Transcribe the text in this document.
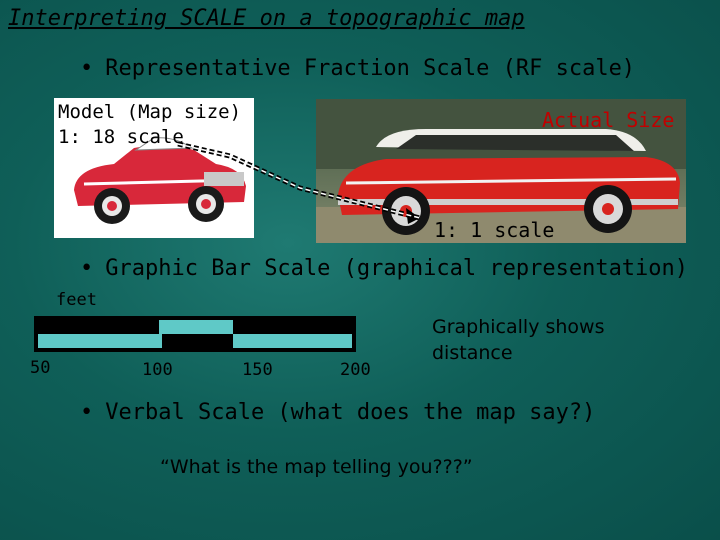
Interpreting SCALE on a topographic map
• Representative Fraction Scale (RF scale)
Model (Map size)
1: 18 scale
Actual Size
1: 1 scale
• Graphic Bar Scale (graphical representation)
feet
50	100	150	200
Graphically shows distance
• Verbal Scale (what does the map say?)
“What is the map telling you???”
